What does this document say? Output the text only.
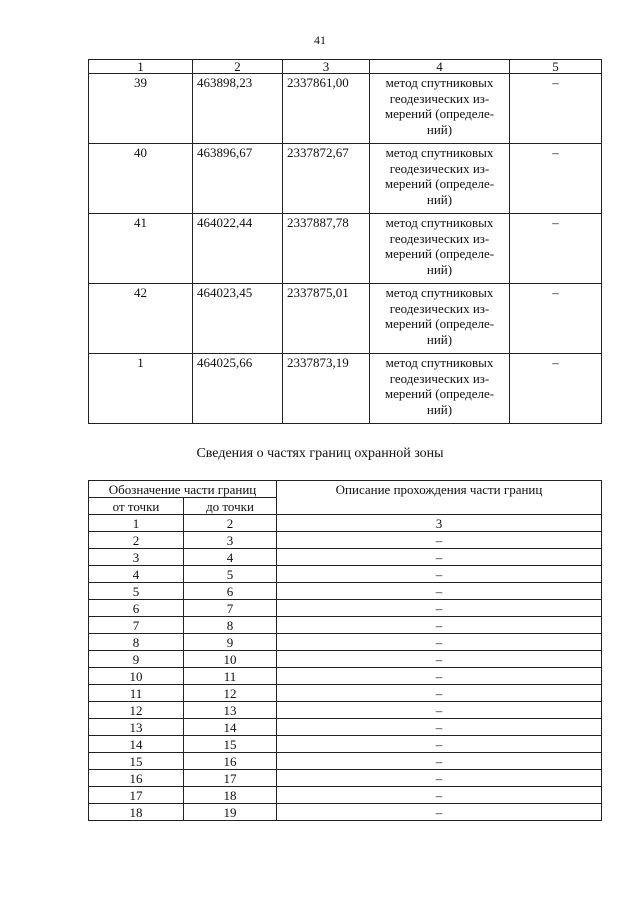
41
1	2	3	4	5
39	463898,23	2337861,00	метод спутниковых
геодезических из-
мерений (определе-
ний)	–
40	463896,67	2337872,67	метод спутниковых
геодезических из-
мерений (определе-
ний)	–
41	464022,44	2337887,78	метод спутниковых
геодезических из-
мерений (определе-
ний)	–
42	464023,45	2337875,01	метод спутниковых
геодезических из-
мерений (определе-
ний)	–
1	464025,66	2337873,19	метод спутниковых
геодезических из-
мерений (определе-
ний)	–
Сведения о частях границ охранной зоны
Обозначение части границ		Описание прохождения части границ
от точки	до точки	
1	2	3
2	3	–
3	4	–
4	5	–
5	6	–
6	7	–
7	8	–
8	9	–
9	10	–
10	11	–
11	12	–
12	13	–
13	14	–
14	15	–
15	16	–
16	17	–
17	18	–
18	19	–
